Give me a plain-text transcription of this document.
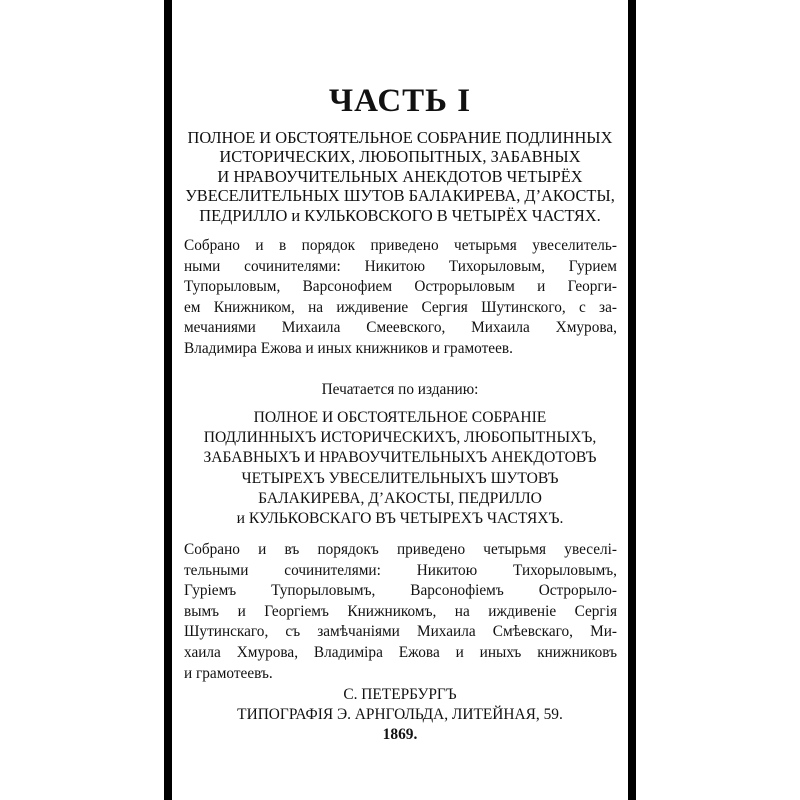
ЧАСТЬ I
ПОЛНОЕ И ОБСТОЯТЕЛЬНОЕ СОБРАНИЕ ПОДЛИННЫХ
ИСТОРИЧЕСКИХ, ЛЮБОПЫТНЫХ, ЗАБАВНЫХ
И НРАВОУЧИТЕЛЬНЫХ АНЕКДОТОВ ЧЕТЫРЁХ
УВЕСЕЛИТЕЛЬНЫХ ШУТОВ БАЛАКИРЕВА, Д’АКОСТЫ,
ПЕДРИЛЛО и КУЛЬКОВСКОГО В ЧЕТЫРЁХ ЧАСТЯХ.
Собрано и в порядок приведено четырьмя увеселитель-
ными сочинителями: Никитою Тихорыловым, Гурием
Тупорыловым, Варсонофием Острорыловым и Георги-
ем Книжником, на иждивение Сергия Шутинского, с за-
мечаниями Михаила Смеевского, Михаила Хмурова,
Владимира Ежова и иных книжников и грамотеев.
Печатается по изданию:
ПОЛНОЕ И ОБСТОЯТЕЛЬНОЕ СОБРАНIЕ
ПОДЛИННЫХЪ ИСТОРИЧЕСКИХЪ, ЛЮБОПЫТНЫХЪ,
ЗАБАВНЫХЪ И НРАВОУЧИТЕЛЬНЫХЪ АНЕКДОТОВЪ
ЧЕТЫРЕХЪ УВЕСЕЛИТЕЛЬНЫХЪ ШУТОВЪ
БАЛАКИРЕВА, Д’АКОСТЫ, ПЕДРИЛЛО
и КУЛЬКОВСКАГО ВЪ ЧЕТЫРЕХЪ ЧАСТЯХЪ.
Собрано и въ порядокъ приведено четырьмя увеселi-
тельными сочинителями: Никитою Тихорыловымъ,
Гурiемъ Тупорыловымъ, Варсонофiемъ Острорыло-
вымъ и Георгiемъ Книжникомъ, на иждивенiе Сергiя
Шутинскаго, съ замѣчанiями Михаила Смѣевскаго, Ми-
хаила Хмурова, Владимiра Ежова и иныхъ книжниковъ
и грамотеевъ.
С. ПЕТЕРБУРГЪ
ТИПОГРАФIЯ Э. АРНГОЛЬДА, ЛИТЕЙНАЯ, 59.
1869.
